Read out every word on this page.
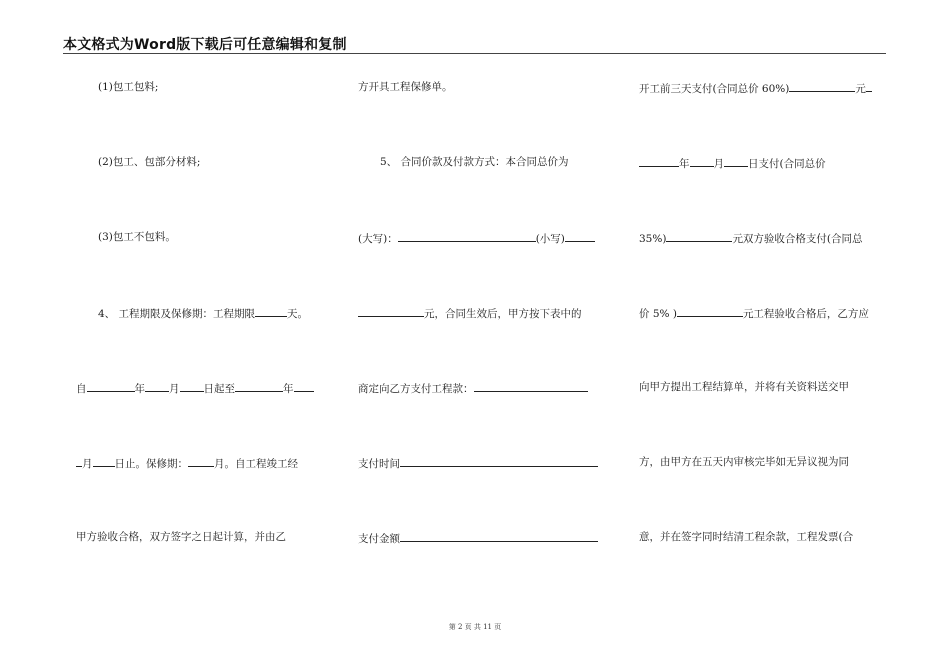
本文格式为Word版下载后可任意编辑和复制
(1)包工包料;
(2)包工、包部分材料;
(3)包工不包料。
4、 工程期限及保修期：工程期限	天。
自	年 月 日起至	年
月 日止。保修期： 月。自工程竣工经
甲方验收合格，双方签字之日起计算，并由乙
方开具工程保修单。
5、 合同价款及付款方式：本合同总价为
(大写)：	(小写)
元，合同生效后，甲方按下表中的
商定向乙方支付工程款：
支付时间
支付金额
开工前三天支付(合同总价 60%)	元
年 月 日支付(合同总价
35%)	元双方验收合格支付(合同总
价 5% )	元工程验收合格后，乙方应
向甲方提出工程结算单，并将有关资料送交甲
方，由甲方在五天内审核完毕如无异议视为同
意，并在签字同时结清工程余款，工程发票(合
第 2 页 共 11 页
